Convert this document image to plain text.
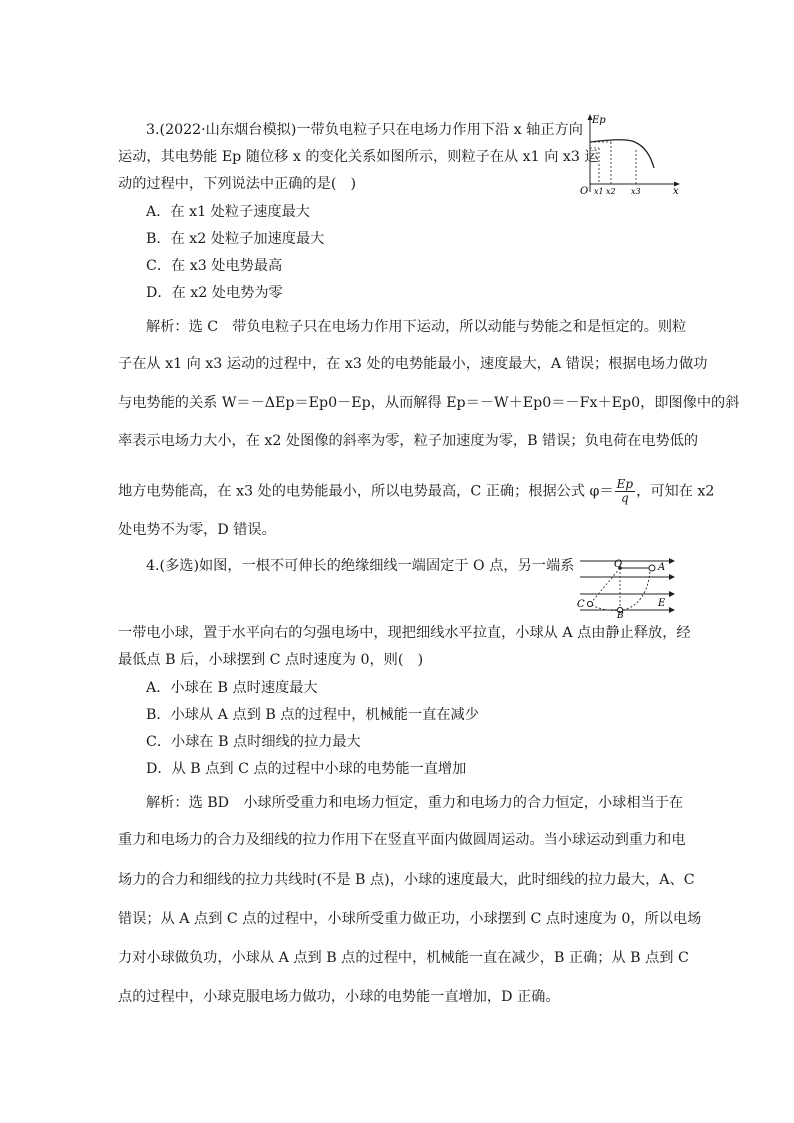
3.(2022·山东烟台模拟)一带负电粒子只在电场力作用下沿 x 轴正方向
运动，其电势能 Ep 随位移 x 的变化关系如图所示，则粒子在从 x1 向 x3 运
动的过程中，下列说法中正确的是(　)
A．在 x1 处粒子速度最大
B．在 x2 处粒子加速度最大
C．在 x3 处电势最高
D．在 x2 处电势为零
Ep
O x1 x2 x3	x
解析：选 C　带负电粒子只在电场力作用下运动，所以动能与势能之和是恒定的。则粒
子在从 x1 向 x3 运动的过程中，在 x3 处的电势能最小，速度最大，A 错误；根据电场力做功
与电势能的关系 W＝－ΔEp＝Ep0－Ep，从而解得 Ep＝－W＋Ep0＝－Fx＋Ep0，即图像中的斜
率表示电场力大小，在 x2 处图像的斜率为零，粒子加速度为零，B 错误；负电荷在电势低的
地方电势能高，在 x3 处的电势能最小，所以电势最高，C 正确；根据公式 $\varphi= \frac{Ep}{q}$ ，可知在 x2
处电势不为零，D 错误。
4.(多选)如图，一根不可伸长的绝缘细线一端固定于 O 点，另一端系
一带电小球，置于水平向右的匀强电场中，现把细线水平拉直，小球从 A 点由静止释放，经
最低点 B 后，小球摆到 C 点时速度为 0，则(　)
A．小球在 B 点时速度最大
B．小球从 A 点到 B 点的过程中，机械能一直在减少
C．小球在 B 点时细线的拉力最大
D．从 B 点到 C 点的过程中小球的电势能一直增加
O	A
C
B
E
解析：选 BD　小球所受重力和电场力恒定，重力和电场力的合力恒定，小球相当于在
重力和电场力的合力及细线的拉力作用下在竖直平面内做圆周运动。当小球运动到重力和电
场力的合力和细线的拉力共线时(不是 B 点)，小球的速度最大，此时细线的拉力最大，A、C
错误；从 A 点到 C 点的过程中，小球所受重力做正功，小球摆到 C 点时速度为 0，所以电场
力对小球做负功，小球从 A 点到 B 点的过程中，机械能一直在减少，B 正确；从 B 点到 C
点的过程中，小球克服电场力做功，小球的电势能一直增加，D 正确。
